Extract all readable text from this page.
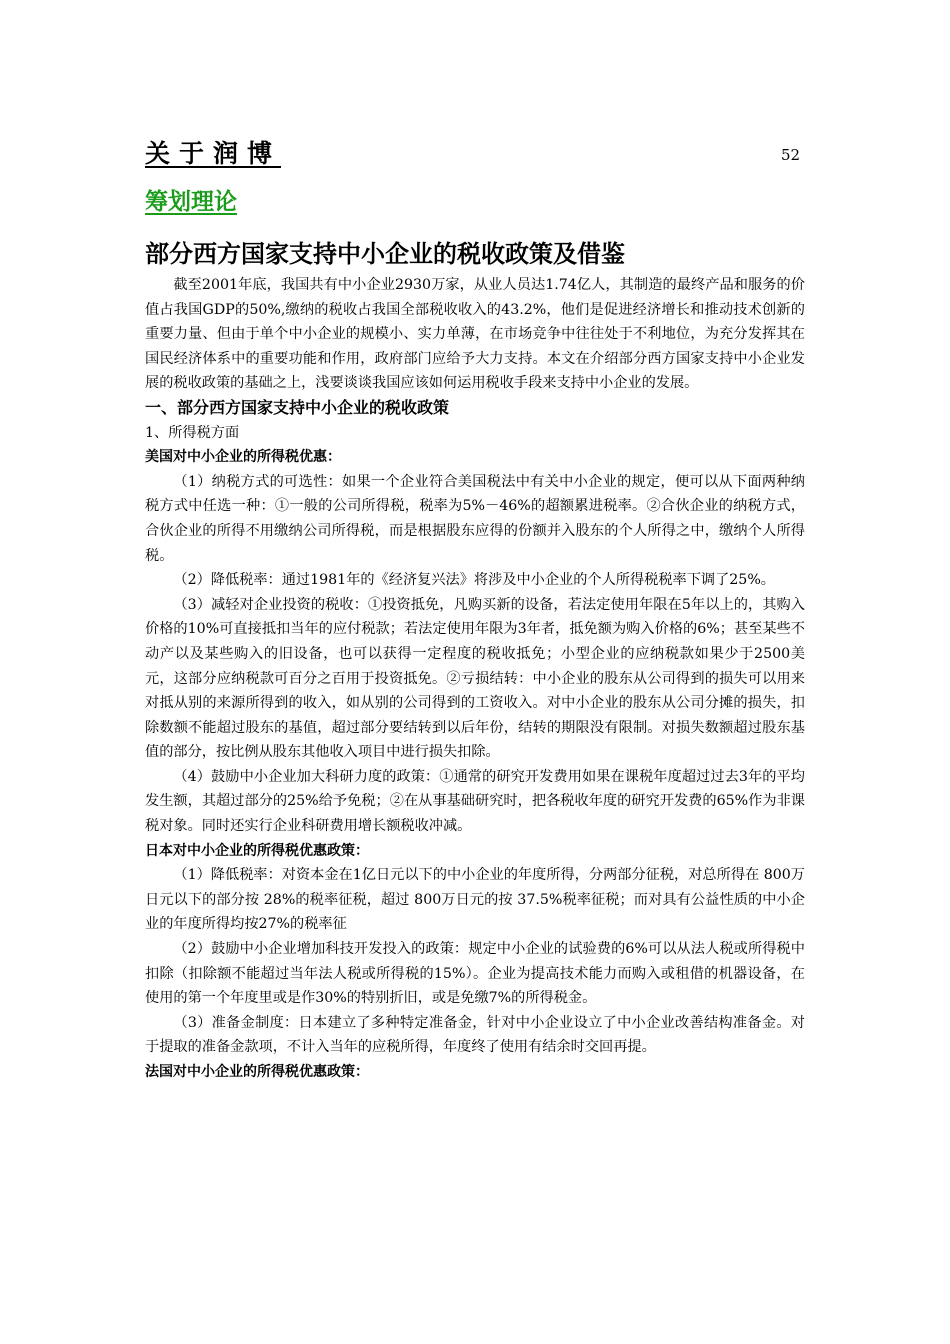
关于润博	52
筹划理论
部分西方国家支持中小企业的税收政策及借鉴

截至2001年底，我国共有中小企业2930万家，从业人员达1.74亿人，其制造的最终产品和服务的价值占我国GDP的50%,缴纳的税收占我国全部税收收入的43.2%，他们是促进经济增长和推动技术创新的重要力量、但由于单个中小企业的规模小、实力单薄，在市场竞争中往往处于不利地位，为充分发挥其在国民经济体系中的重要功能和作用，政府部门应给予大力支持。本文在介绍部分西方国家支持中小企业发展的税收政策的基础之上，浅要谈谈我国应该如何运用税收手段来支持中小企业的发展。

一、部分西方国家支持中小企业的税收政策
1、所得税方面
美国对中小企业的所得税优惠：

（1）纳税方式的可选性：如果一个企业符合美国税法中有关中小企业的规定，便可以从下面两种纳税方式中任选一种：①一般的公司所得税，税率为5%－46%的超额累进税率。②合伙企业的纳税方式，合伙企业的所得不用缴纳公司所得税，而是根据股东应得的份额并入股东的个人所得之中，缴纳个人所得税。

（2）降低税率：通过1981年的《经济复兴法》将涉及中小企业的个人所得税税率下调了25%。

（3）减轻对企业投资的税收：①投资抵免，凡购买新的设备，若法定使用年限在5年以上的，其购入价格的10%可直接抵扣当年的应付税款；若法定使用年限为3年者，抵免额为购入价格的6%；甚至某些不动产以及某些购入的旧设备，也可以获得一定程度的税收抵免；小型企业的应纳税款如果少于2500美元，这部分应纳税款可百分之百用于投资抵免。②亏损结转：中小企业的股东从公司得到的损失可以用来对抵从别的来源所得到的收入，如从别的公司得到的工资收入。对中小企业的股东从公司分摊的损失，扣除数额不能超过股东的基值，超过部分要结转到以后年份，结转的期限没有限制。对损失数额超过股东基值的部分，按比例从股东其他收入项目中进行损失扣除。

（4）鼓励中小企业加大科研力度的政策：①通常的研究开发费用如果在课税年度超过过去3年的平均发生额，其超过部分的25%给予免税；②在从事基础研究时，把各税收年度的研究开发费的65%作为非课税对象。同时还实行企业科研费用增长额税收冲减。

日本对中小企业的所得税优惠政策：

（1）降低税率：对资本金在1亿日元以下的中小企业的年度所得，分两部分征税，对总所得在 800万日元以下的部分按 28%的税率征税，超过 800万日元的按 37.5%税率征税；而对具有公益性质的中小企业的年度所得均按27%的税率征

（2）鼓励中小企业增加科技开发投入的政策：规定中小企业的试验费的6%可以从法人税或所得税中扣除（扣除额不能超过当年法人税或所得税的15%）。企业为提高技术能力而购入或租借的机器设备，在使用的第一个年度里或是作30%的特别折旧，或是免缴7%的所得税金。

（3）准备金制度：日本建立了多种特定准备金，针对中小企业设立了中小企业改善结构准备金。对于提取的准备金款项，不计入当年的应税所得，年度终了使用有结余时交回再提。

法国对中小企业的所得税优惠政策：
